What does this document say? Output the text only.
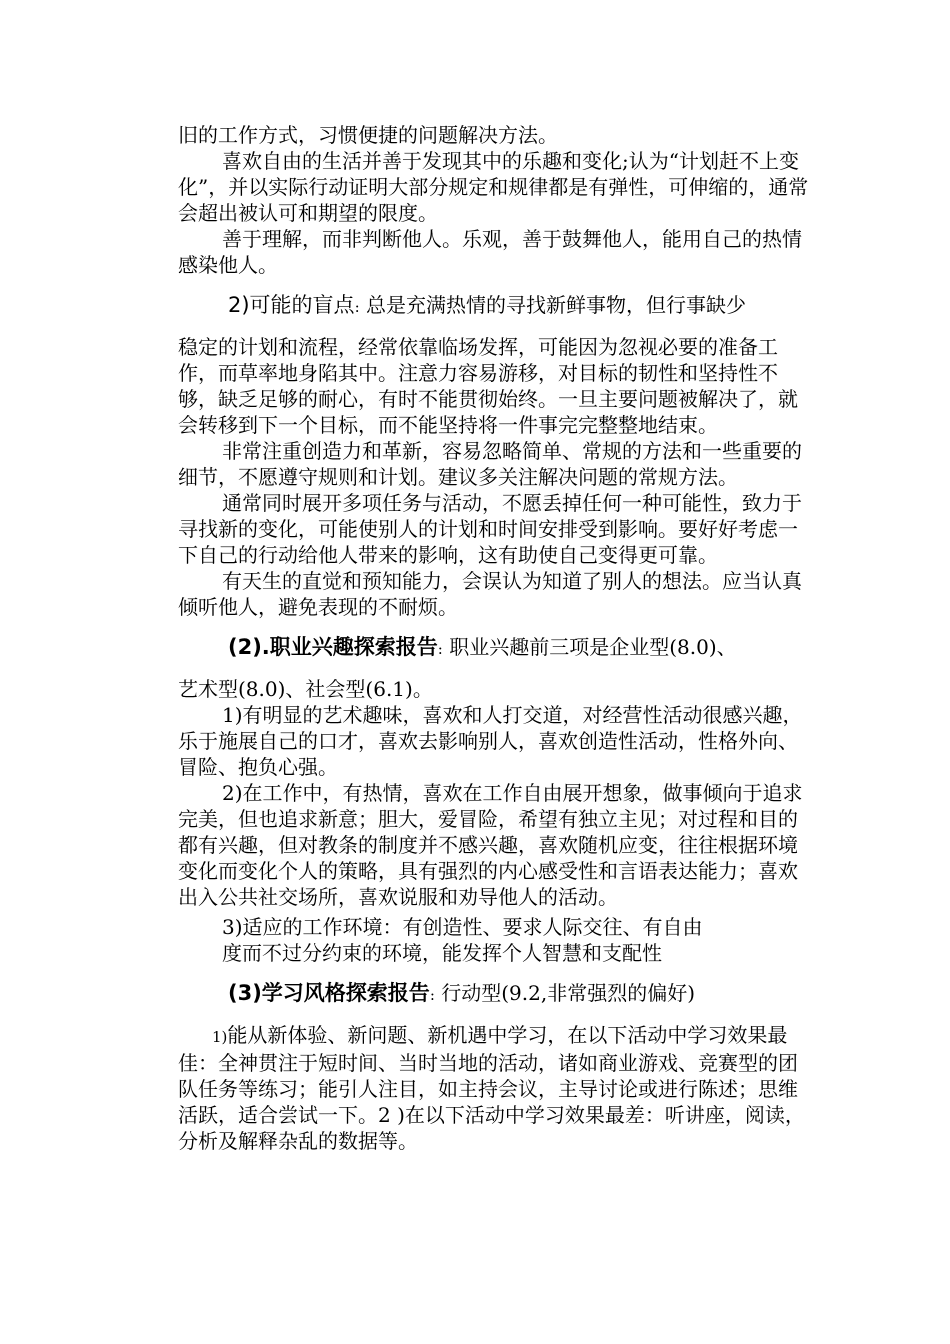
旧的工作方式，习惯便捷的问题解决方法。

喜欢自由的生活并善于发现其中的乐趣和变化;认为“计划赶不上变化”，并以实际行动证明大部分规定和规律都是有弹性，可伸缩的，通常会超出被认可和期望的限度。

善于理解，而非判断他人。乐观，善于鼓舞他人，能用自己的热情感染他人。

2)可能的盲点: 总是充满热情的寻找新鲜事物，但行事缺少

稳定的计划和流程，经常依靠临场发挥，可能因为忽视必要的准备工作，而草率地身陷其中。注意力容易游移，对目标的韧性和坚持性不够，缺乏足够的耐心，有时不能贯彻始终。一旦主要问题被解决了，就会转移到下一个目标，而不能坚持将一件事完完整整地结束。

非常注重创造力和革新，容易忽略简单、常规的方法和一些重要的细节，不愿遵守规则和计划。建议多关注解决问题的常规方法。

通常同时展开多项任务与活动，不愿丢掉任何一种可能性，致力于寻找新的变化，可能使别人的计划和时间安排受到影响。要好好考虑一下自己的行动给他人带来的影响，这有助使自己变得更可靠。

有天生的直觉和预知能力，会误认为知道了别人的想法。应当认真倾听他人，避免表现的不耐烦。

(2).职业兴趣探索报告: 职业兴趣前三项是企业型(8.0)、

艺术型(8.0)、社会型(6.1)。

1)有明显的艺术趣味，喜欢和人打交道，对经营性活动很感兴趣，乐于施展自己的口才，喜欢去影响别人，喜欢创造性活动，性格外向、冒险、抱负心强。

2)在工作中，有热情，喜欢在工作自由展开想象，做事倾向于追求完美，但也追求新意；胆大，爱冒险，希望有独立主见；对过程和目的都有兴趣，但对教条的制度并不感兴趣，喜欢随机应变，往往根据环境变化而变化个人的策略，具有强烈的内心感受性和言语表达能力；喜欢出入公共社交场所，喜欢说服和劝导他人的活动。

3)适应的工作环境：有创造性、要求人际交往、有自由

度而不过分约束的环境，能发挥个人智慧和支配性

(3)学习风格探索报告: 行动型(9.2,非常强烈的偏好)

1)能从新体验、新问题、新机遇中学习，在以下活动中学习效果最佳：全神贯注于短时间、当时当地的活动，诸如商业游戏、竞赛型的团队任务等练习；能引人注目，如主持会议，主导讨论或进行陈述；思维活跃，适合尝试一下。2 )在以下活动中学习效果最差：听讲座，阅读，分析及解释杂乱的数据等。
